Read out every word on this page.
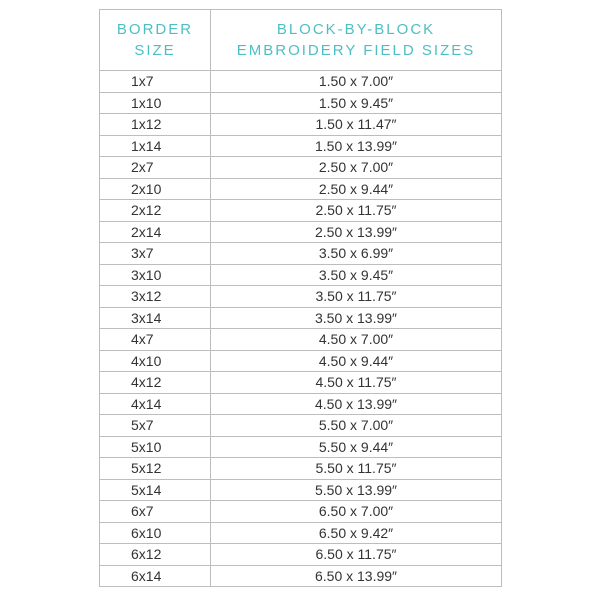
BORDER
SIZE	BLOCK-BY-BLOCK
EMBROIDERY FIELD SIZES

1x7	1.50 x 7.00″
1x10	1.50 x 9.45″
1x12	1.50 x 11.47″
1x14	1.50 x 13.99″
2x7	2.50 x 7.00″
2x10	2.50 x 9.44″
2x12	2.50 x 11.75″
2x14	2.50 x 13.99″
3x7	3.50 x 6.99″
3x10	3.50 x 9.45″
3x12	3.50 x 11.75″
3x14	3.50 x 13.99″
4x7	4.50 x 7.00″
4x10	4.50 x 9.44″
4x12	4.50 x 11.75″
4x14	4.50 x 13.99″
5x7	5.50 x 7.00″
5x10	5.50 x 9.44″
5x12	5.50 x 11.75″
5x14	5.50 x 13.99″
6x7	6.50 x 7.00″
6x10	6.50 x 9.42″
6x12	6.50 x 11.75″
6x14	6.50 x 13.99″
